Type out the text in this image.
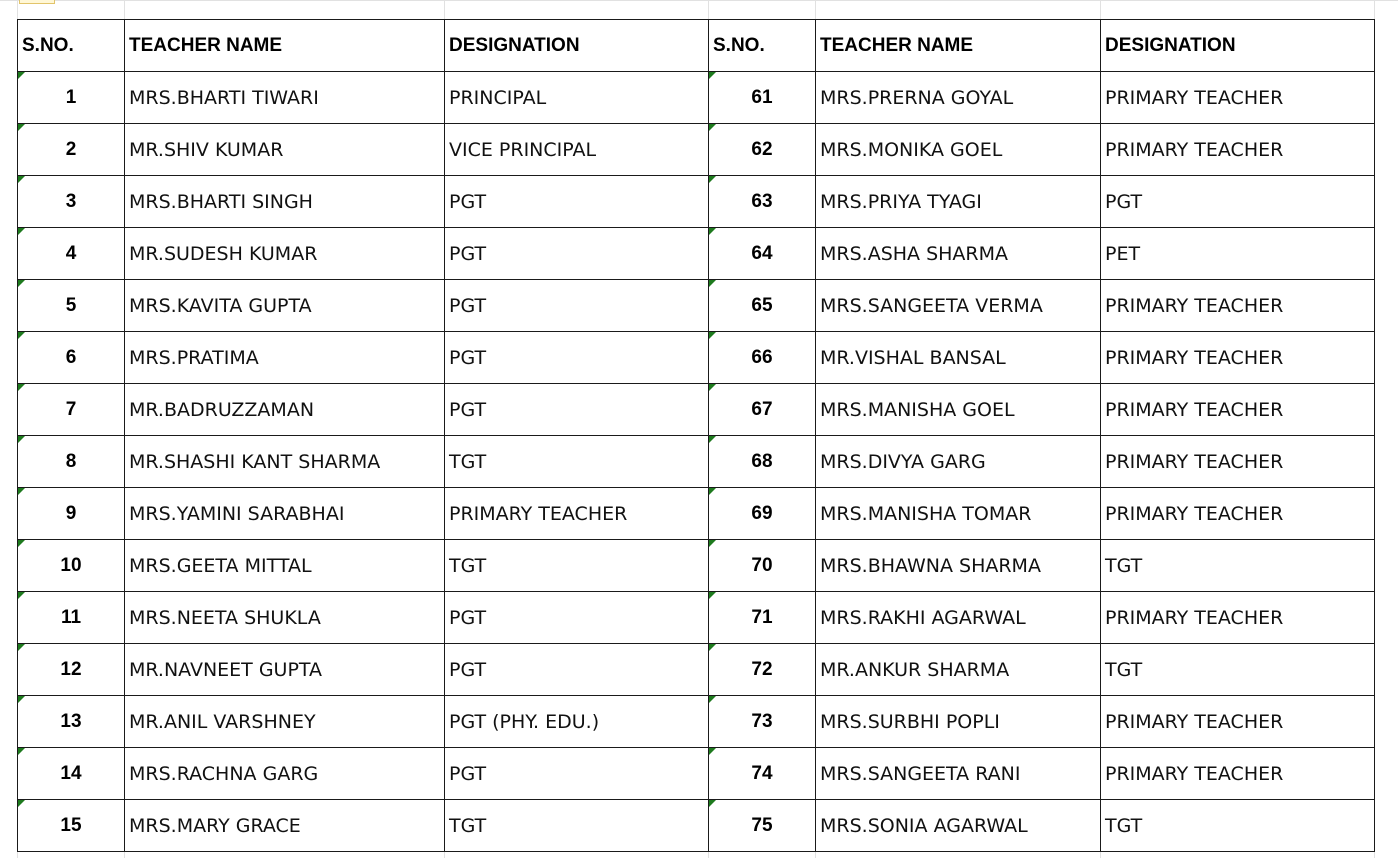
S.NO.	TEACHER NAME	DESIGNATION	S.NO.	TEACHER NAME	DESIGNATION
1	MRS.BHARTI TIWARI	PRINCIPAL	61	MRS.PRERNA GOYAL	PRIMARY TEACHER
2	MR.SHIV KUMAR	VICE PRINCIPAL	62	MRS.MONIKA GOEL	PRIMARY TEACHER
3	MRS.BHARTI SINGH	PGT	63	MRS.PRIYA TYAGI	PGT
4	MR.SUDESH KUMAR	PGT	64	MRS.ASHA SHARMA	PET
5	MRS.KAVITA GUPTA	PGT	65	MRS.SANGEETA VERMA	PRIMARY TEACHER
6	MRS.PRATIMA	PGT	66	MR.VISHAL BANSAL	PRIMARY TEACHER
7	MR.BADRUZZAMAN	PGT	67	MRS.MANISHA GOEL	PRIMARY TEACHER
8	MR.SHASHI KANT SHARMA	TGT	68	MRS.DIVYA GARG	PRIMARY TEACHER
9	MRS.YAMINI SARABHAI	PRIMARY TEACHER	69	MRS.MANISHA TOMAR	PRIMARY TEACHER
10	MRS.GEETA MITTAL	TGT	70	MRS.BHAWNA SHARMA	TGT
11	MRS.NEETA SHUKLA	PGT	71	MRS.RAKHI AGARWAL	PRIMARY TEACHER
12	MR.NAVNEET GUPTA	PGT	72	MR.ANKUR SHARMA	TGT
13	MR.ANIL VARSHNEY	PGT (PHY. EDU.)	73	MRS.SURBHI POPLI	PRIMARY TEACHER
14	MRS.RACHNA GARG	PGT	74	MRS.SANGEETA RANI	PRIMARY TEACHER
15	MRS.MARY GRACE	TGT	75	MRS.SONIA AGARWAL	TGT
